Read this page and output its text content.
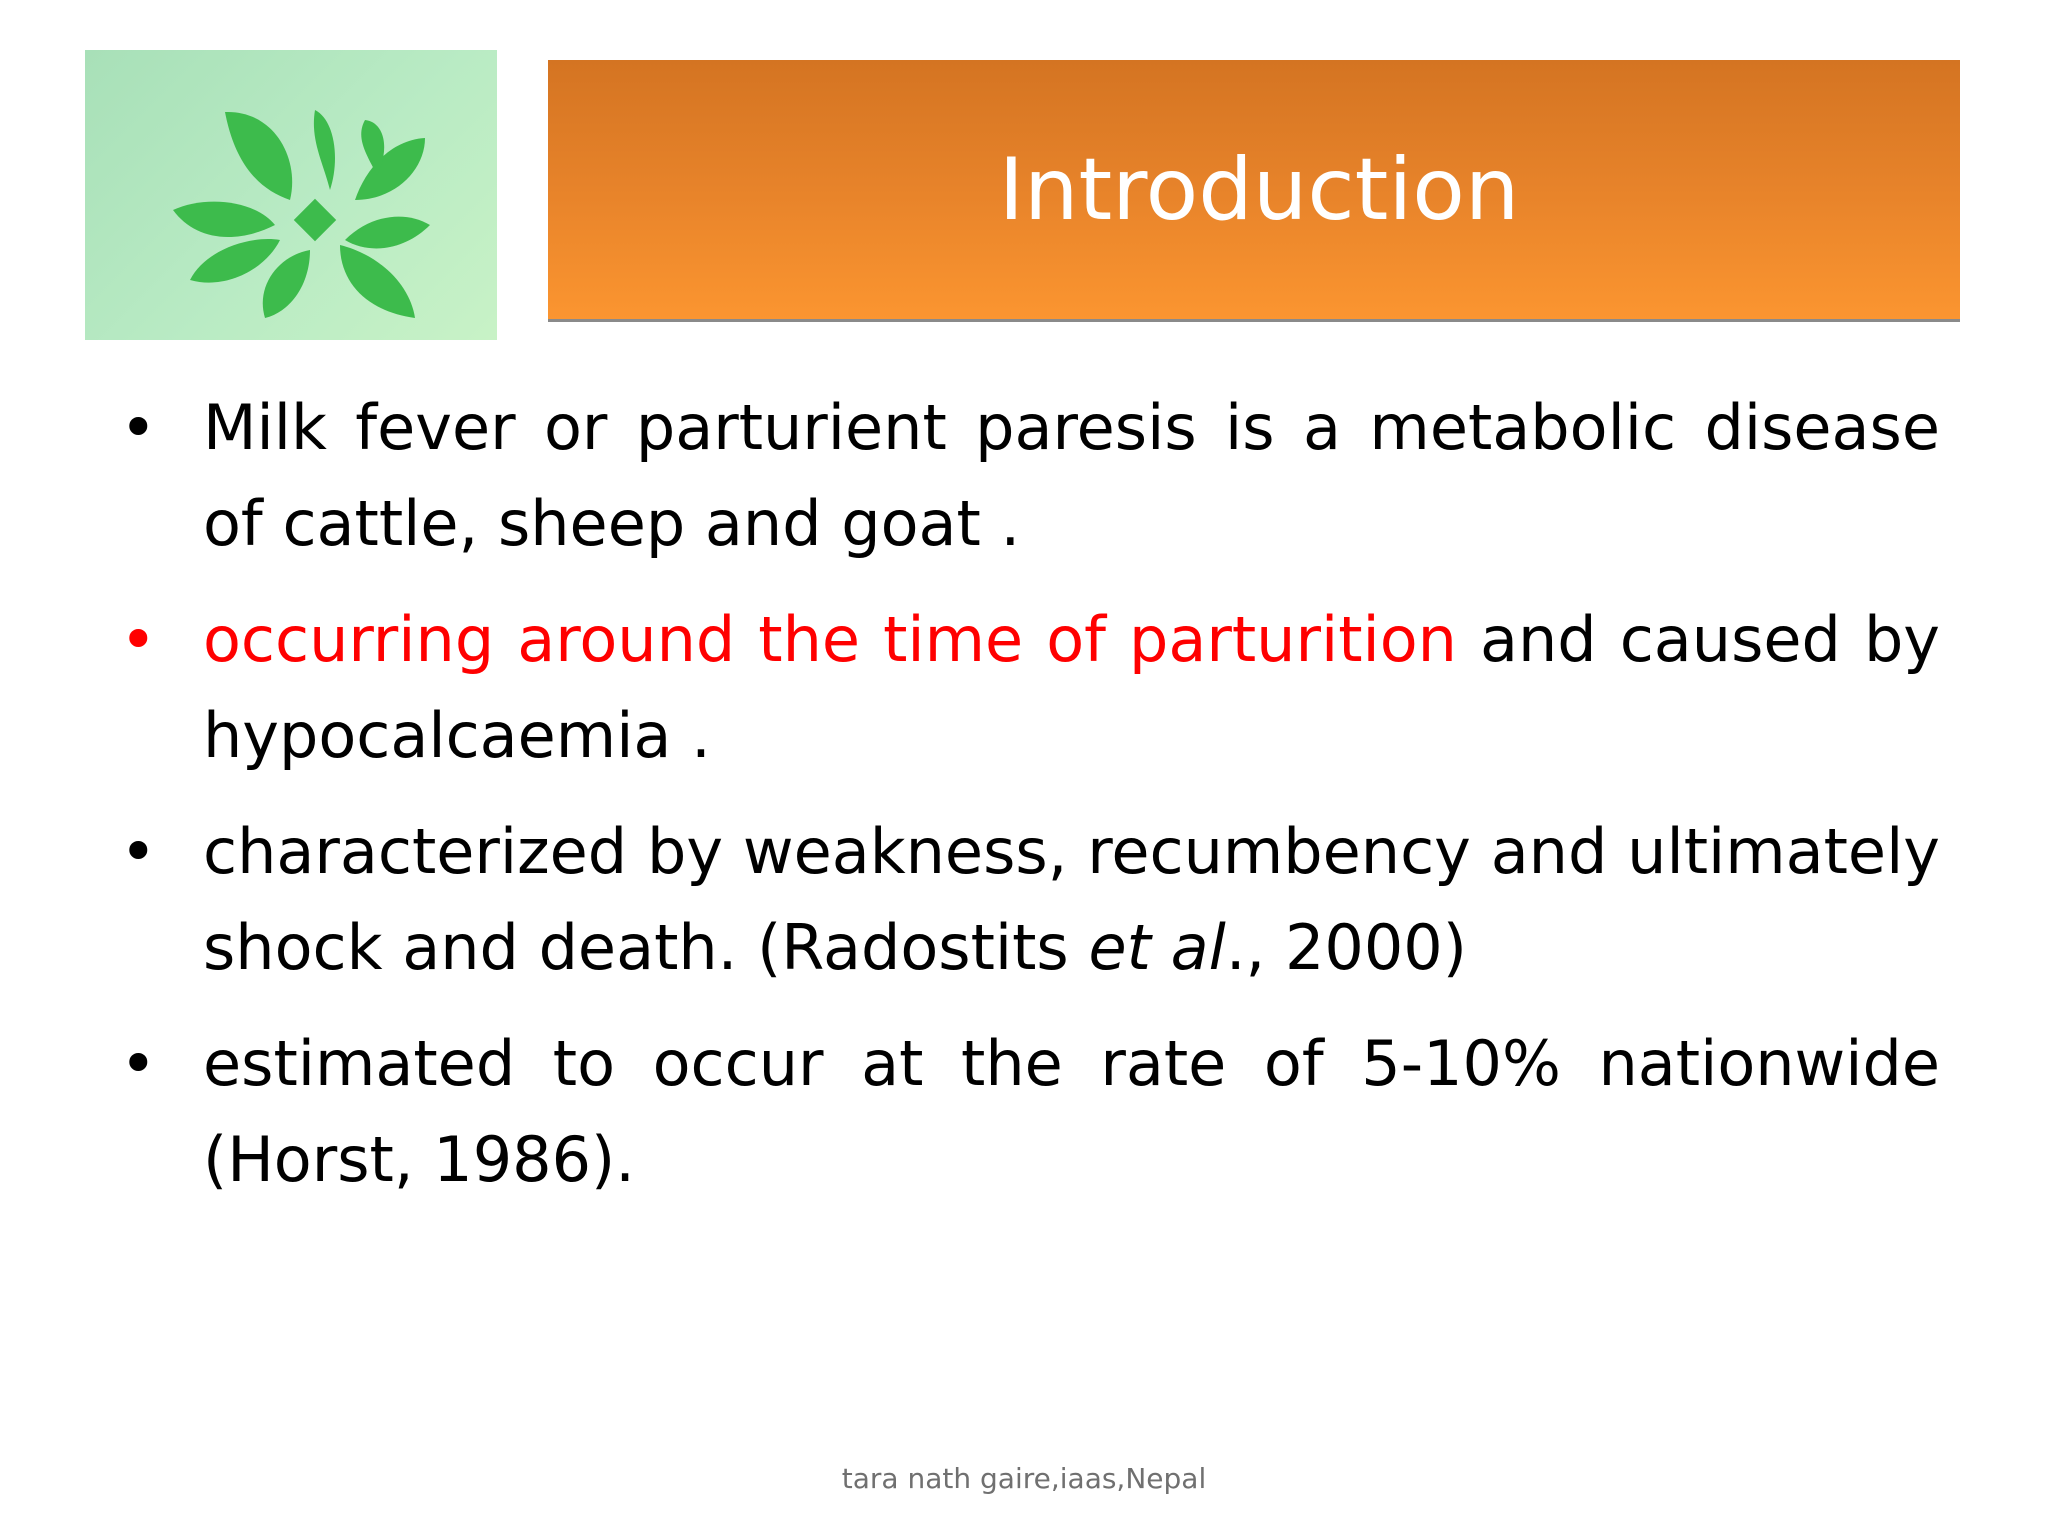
Introduction
• Milk fever or parturient paresis is a metabolic disease of cattle, sheep and goat .
• occurring around the time of parturition and caused by hypocalcaemia .
• characterized by weakness, recumbency and ultimately shock and death. (Radostits et al., 2000)
• estimated to occur at the rate of 5-10% nationwide (Horst, 1986).
tara nath gaire,iaas,Nepal
